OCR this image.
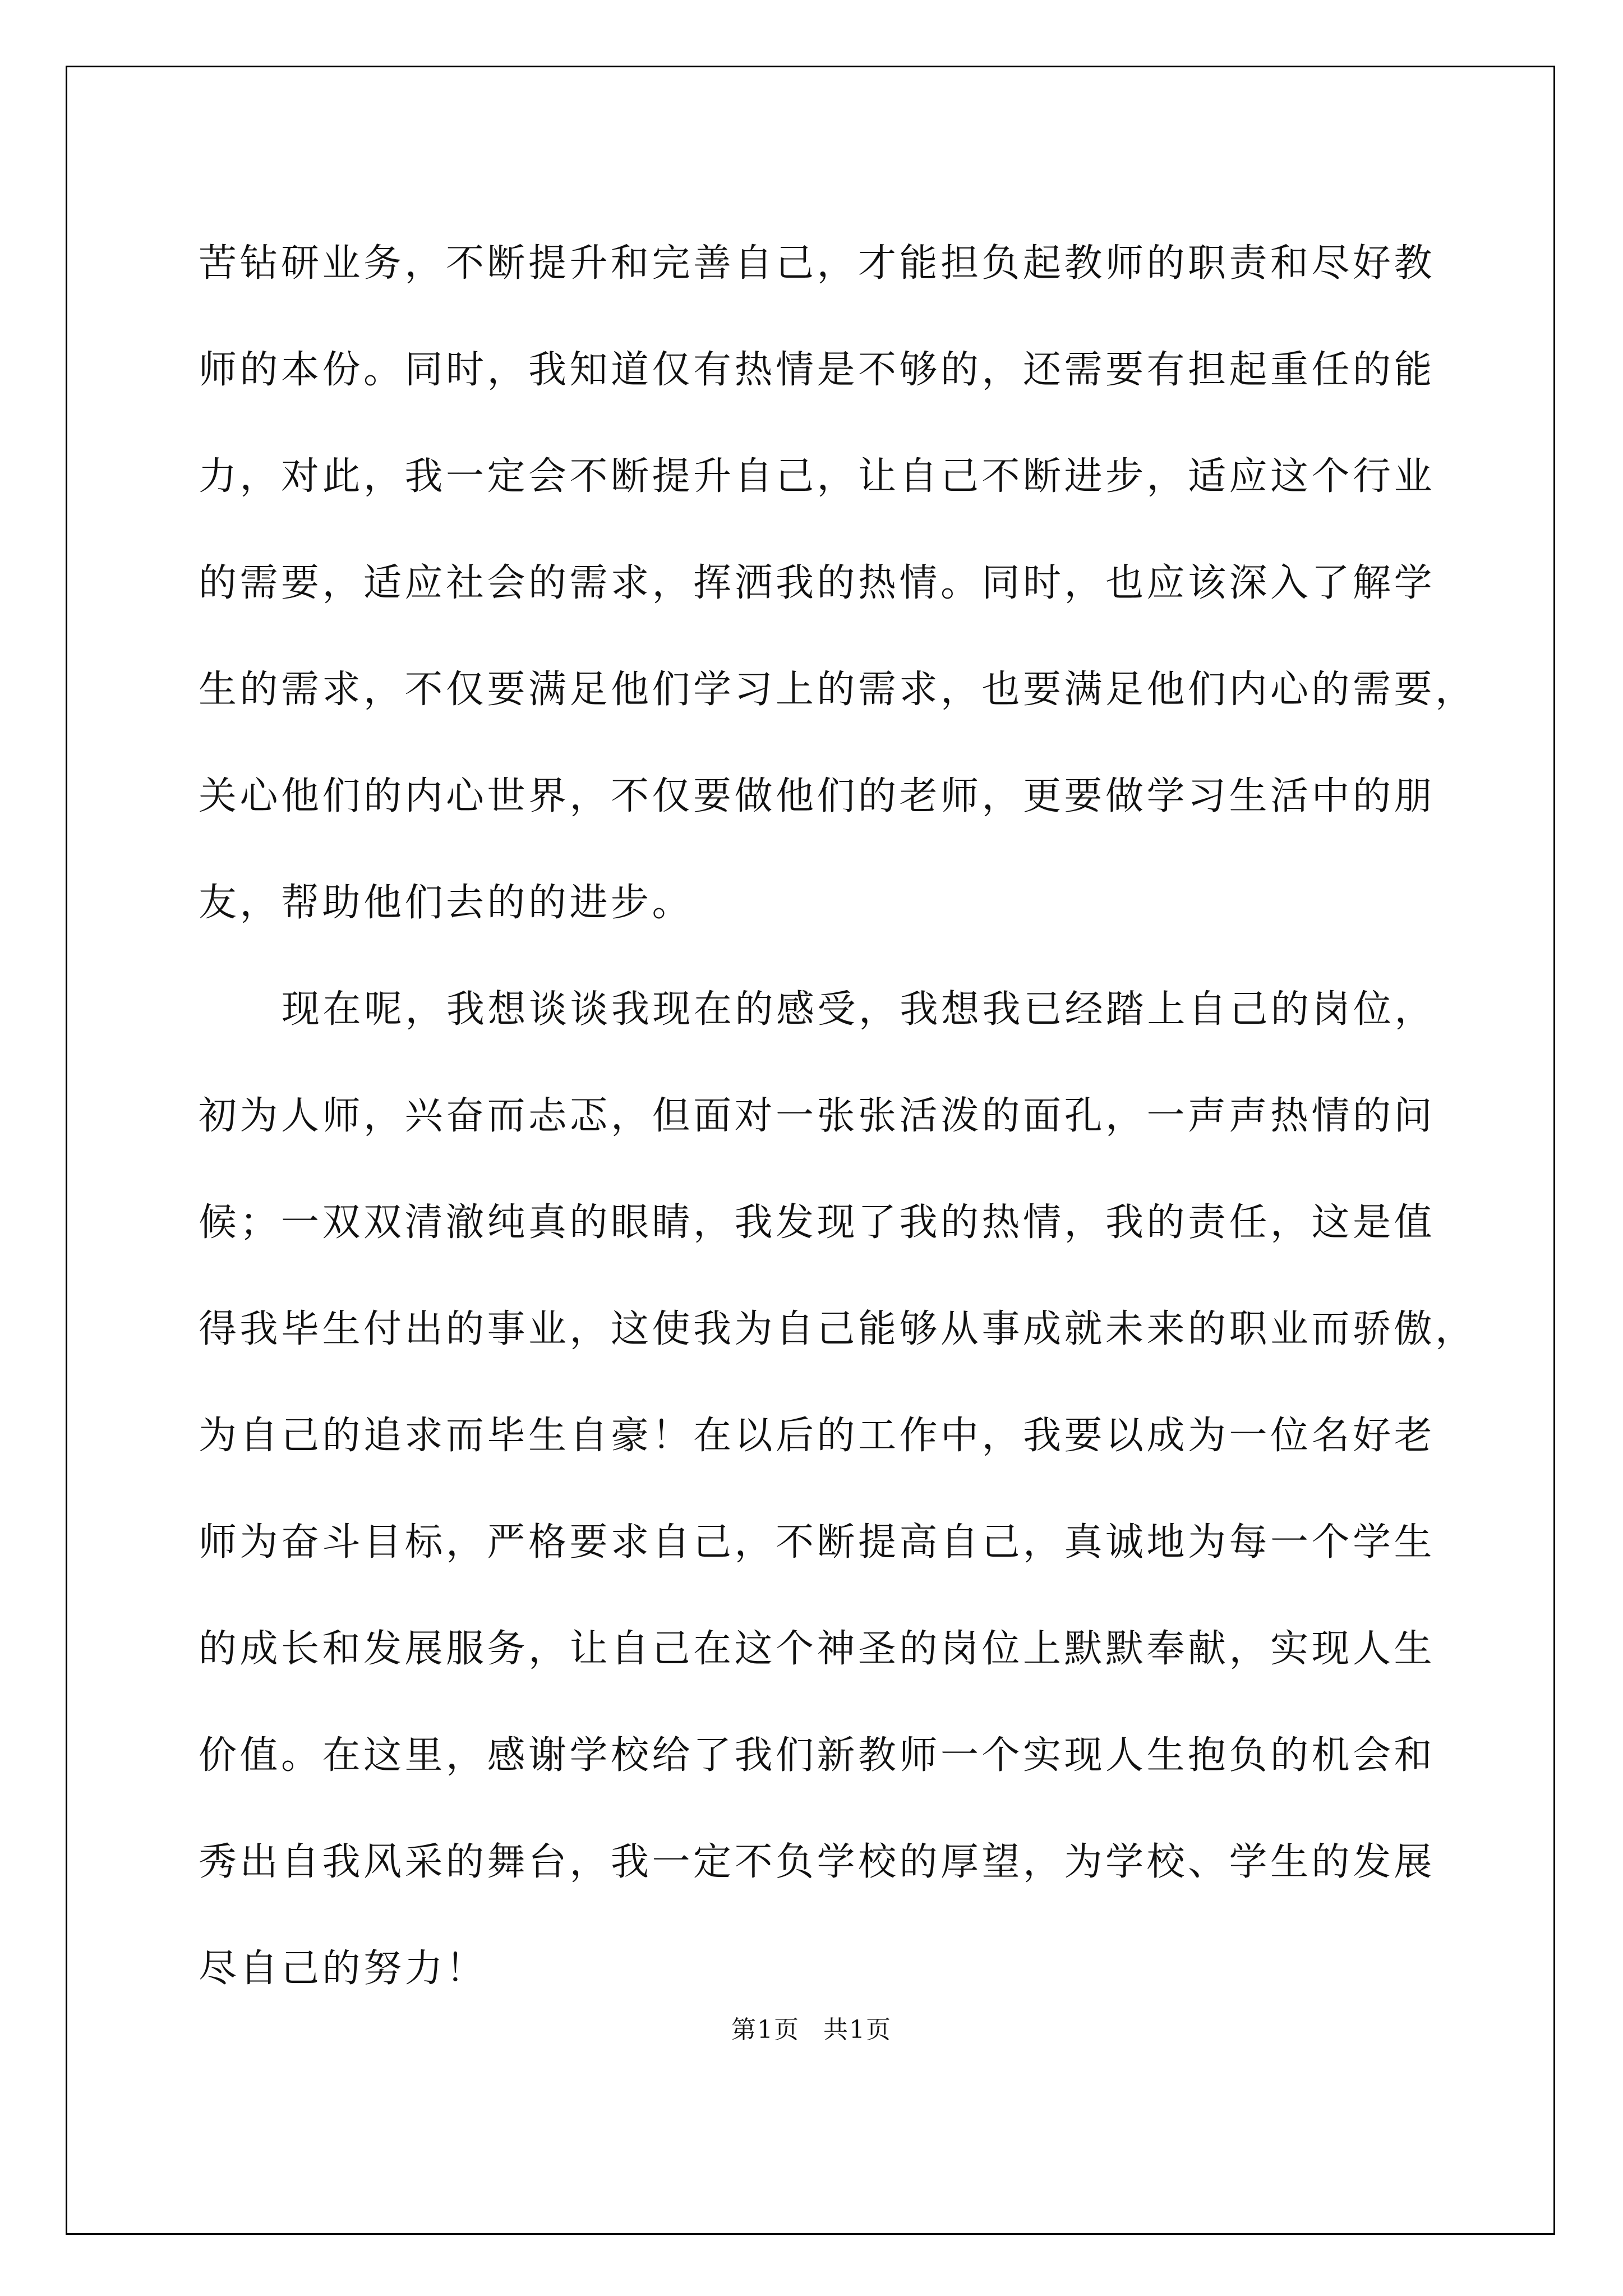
苦钻研业务，不断提升和完善自己，才能担负起教师的职责和尽好教
师的本份。同时，我知道仅有热情是不够的，还需要有担起重任的能
力，对此，我一定会不断提升自己，让自己不断进步，适应这个行业
的需要，适应社会的需求，挥洒我的热情。同时，也应该深入了解学
生的需求，不仅要满足他们学习上的需求，也要满足他们内心的需要，
关心他们的内心世界，不仅要做他们的老师，更要做学习生活中的朋
友，帮助他们去的的进步。

现在呢，我想谈谈我现在的感受，我想我已经踏上自己的岗位，
初为人师，兴奋而忐忑，但面对一张张活泼的面孔，一声声热情的问
候；一双双清澈纯真的眼睛，我发现了我的热情，我的责任，这是值
得我毕生付出的事业，这使我为自己能够从事成就未来的职业而骄傲，
为自己的追求而毕生自豪！在以后的工作中，我要以成为一位名好老
师为奋斗目标，严格要求自己，不断提高自己，真诚地为每一个学生
的成长和发展服务，让自己在这个神圣的岗位上默默奉献，实现人生
价值。在这里，感谢学校给了我们新教师一个实现人生抱负的机会和
秀出自我风采的舞台，我一定不负学校的厚望，为学校、学生的发展
尽自己的努力！

第1页 共1页
